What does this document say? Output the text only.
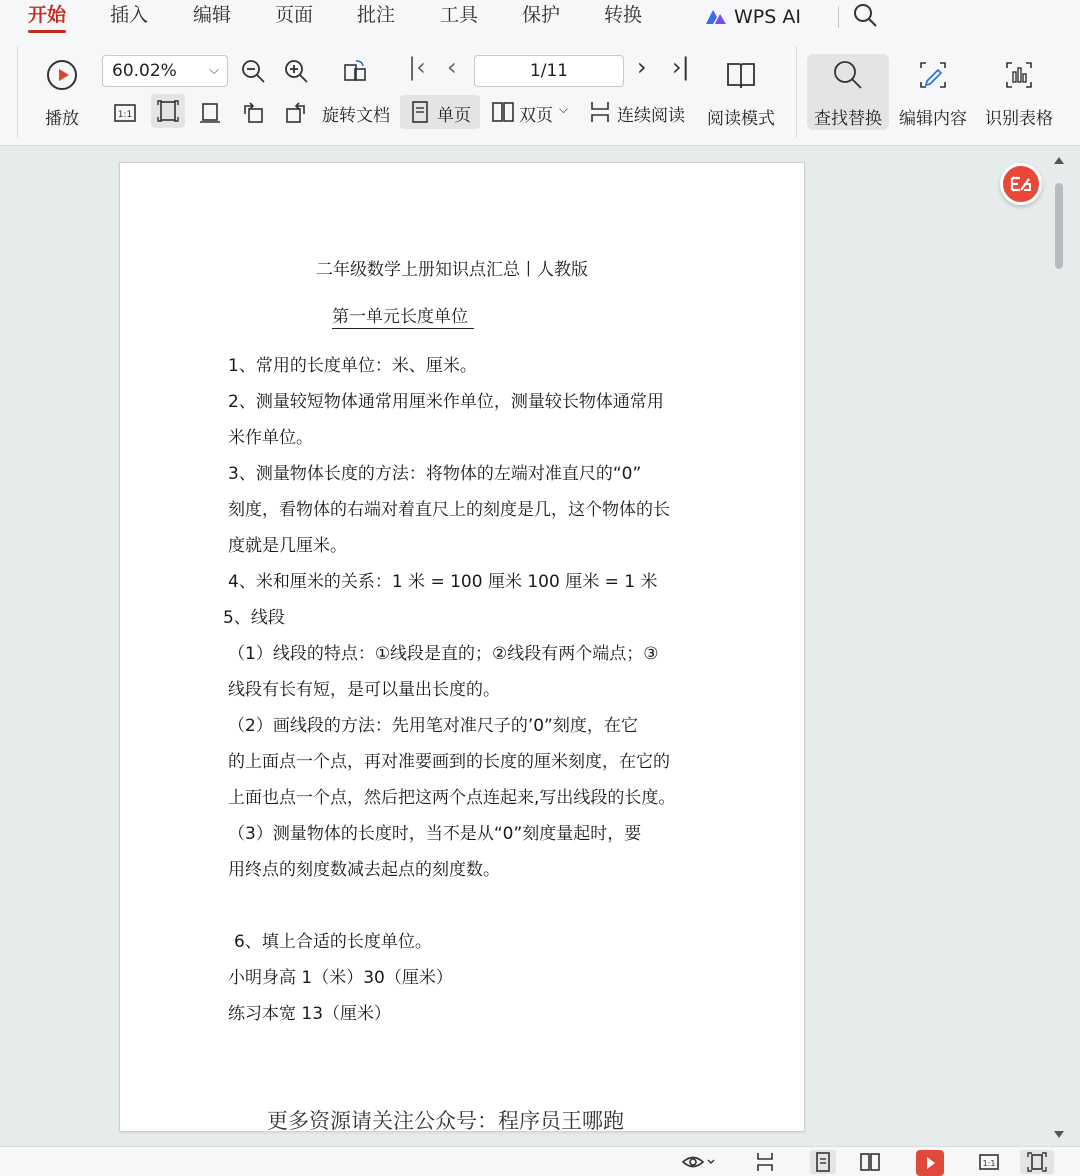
开始 插入 编辑 页面 批注 工具 保护 转换	WPS AI
播放
60.02% ⌵
1:1	旋转文档
|‹ ‹	1/11	› ›|
单页	双页 ⌵	连续阅读	阅读模式	查找替换	编辑内容	识别表格
二年级数学上册知识点汇总丨人教版
第一单元长度单位
1、常用的长度单位：米、厘米。
2、测量较短物体通常用厘米作单位，测量较长物体通常用
米作单位。
3、测量物体长度的方法：将物体的左端对准直尺的“0”
刻度，看物体的右端对着直尺上的刻度是几，这个物体的长
度就是几厘米。
4、米和厘米的关系：1 米 = 100 厘米 100 厘米 = 1 米
5、线段
（1）线段的特点：①线段是直的；②线段有两个端点；③
线段有长有短，是可以量出长度的。
（2）画线段的方法：先用笔对准尺子的’0”刻度，在它
的上面点一个点，再对准要画到的长度的厘米刻度，在它的
上面也点一个点，然后把这两个点连起来,写出线段的长度。
（3）测量物体的长度时，当不是从“0”刻度量起时，要
用终点的刻度数减去起点的刻度数。
6、填上合适的长度单位。
小明身高 1（米）30（厘米）
练习本宽 13（厘米）
更多资源请关注公众号：程序员王哪跑
1:1
